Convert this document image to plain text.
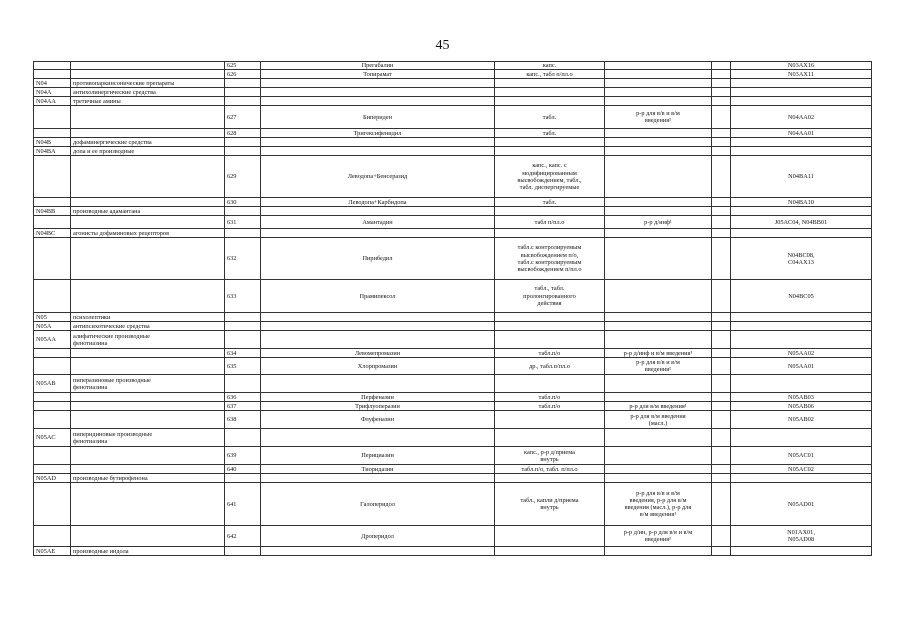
45
		625	Прегабалин	капс.			N03AX16

		626	Топирамат	капс., табл п/пл.о			N03AX11

N04	противопаркинсонические препараты						
N04A	антихолинергические средства						
N04AA	третичные амины						
		627	Бипериден	табл.	р-р для в/в и в/м
введения¹		N04AA02

		628	Тригексифенидил	табл.			N04AA01

N04B	дофаминергические средства						
N04BA	допа и ее производные						
		629	Леводопа+Бенсеразид	капс., капс. с
модифицированным
высвобождением, табл.,
табл. диспергируемые			N04BA11

		630	Леводопа+Карбидопа	табл.			N04BA10

N04BB	производные адамантана						
		631	Амантадин	табл п/пл.о	р-р д/инф¹		J05AC04, N04BB01

N04BC	агонисты дофаминовых рецепторов						
		632	Пирибедил	табл.с контролируемым
высвобождением п/о,
табл.с контролируемым
высвобождением п/пл.о			N04BC08,
C04AX13

		633	Прамипексол	табл., табл.
пролонгированного
действия			N04BC05

N05	психолептики						
N05A	антипсихотические средства						
N05AA	алифатические производные
фенотиазина						

		634	Левомепромазин	табл.п/о	р-р д/инф и в/м введения¹		N05AA02

		635	Хлорпромазин	др., табл.п/пл.о	р-р для в/в и в/м
введения¹		N05AA01

N05AB	пиперазиновые производные
фенотиазина						

		636	Перфеназин	табл.п/о			N05AB03

		637	Трифлуоперазин	табл.п/о	р-р для в/м введения¹		N05AB06

		638	Флуфеназин		р-р для в/м введения
(масл.)		N05AB02

N05AC	пиперидиновые производные
фенотиазина						

		639	Перициазин	капс., р-р д/приема
внутрь			N05AC01

		640	Тиоридазин	табл.п/о, табл. п/пл.о			N05AC02

N05AD	производные бутирофенона						
		641	Галоперидол	табл., капли д/приема
внутрь	р-р для в/в и в/м
введения, р-р для в/м
введения (масл.), р-р для
в/м введения¹		N05AD01

		642	Дроперидол		р-р д/ин, р-р для в/в и в/м
введения¹		N01AX01,
N05AD08

N05AE	производные индола						
